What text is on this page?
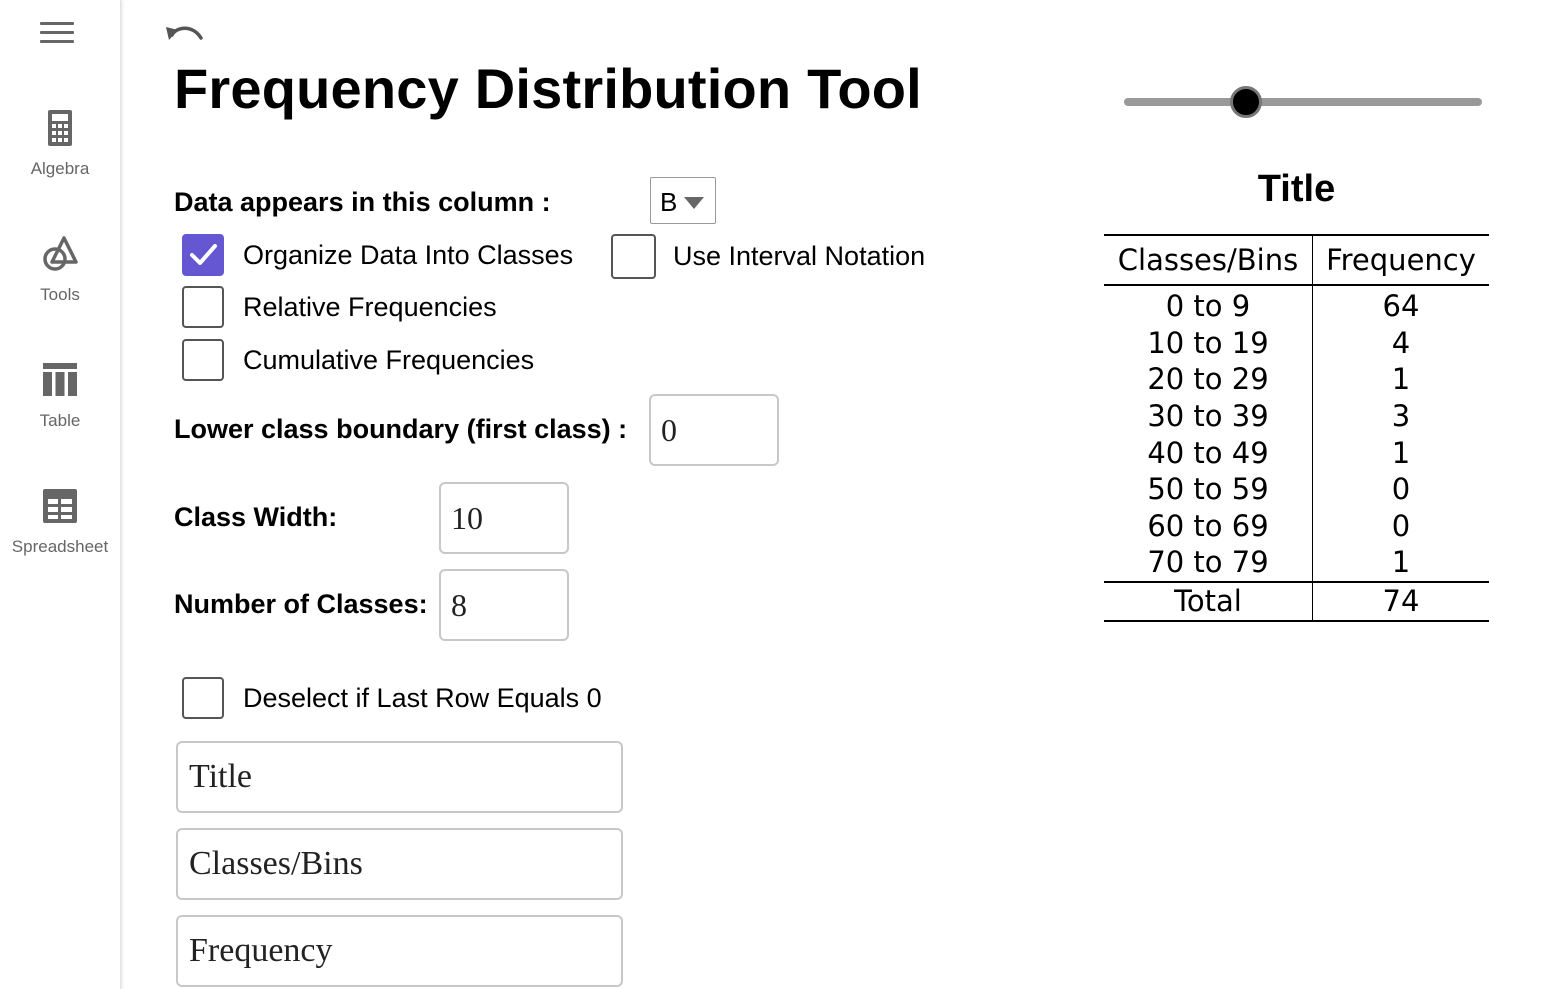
Algebra
Tools
Table
Spreadsheet
Frequency Distribution Tool
Data appears in this column :	B
Organize Data Into Classes	Use Interval Notation
Relative Frequencies
Cumulative Frequencies
Lower class boundary (first class) :	0
Class Width:	10
Number of Classes: 8
Deselect if Last Row Equals 0
Title
Classes/Bins
Frequency
Title
Classes/Bins	Frequency
0 to 9	64
10 to 19	4
20 to 29	1
30 to 39	3
40 to 49	1
50 to 59	0
60 to 69	0
70 to 79	1
Total	74
